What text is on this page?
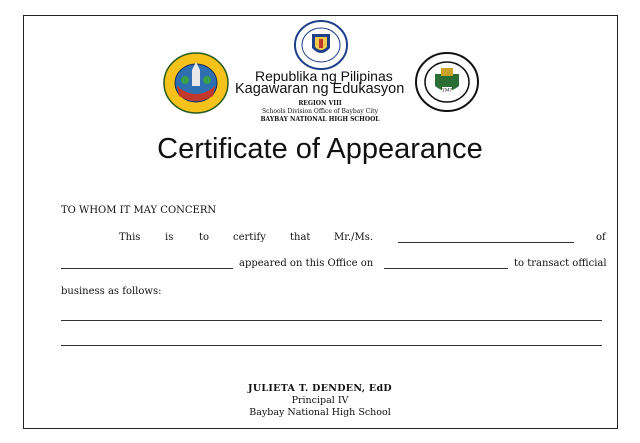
1947
Republika ng Pilipinas
Kagawaran ng Edukasyon
REGION VIII
Schools Division Office of Baybay City
BAYBAY NATIONAL HIGH SCHOOL
Certificate of Appearance
TO WHOM IT MAY CONCERN
This is	to certify that Mr./Ms.	of
appeared on this Office on	to transact official
business as follows:
JULIETA T. DENDEN, EdD
Principal IV
Baybay National High School
